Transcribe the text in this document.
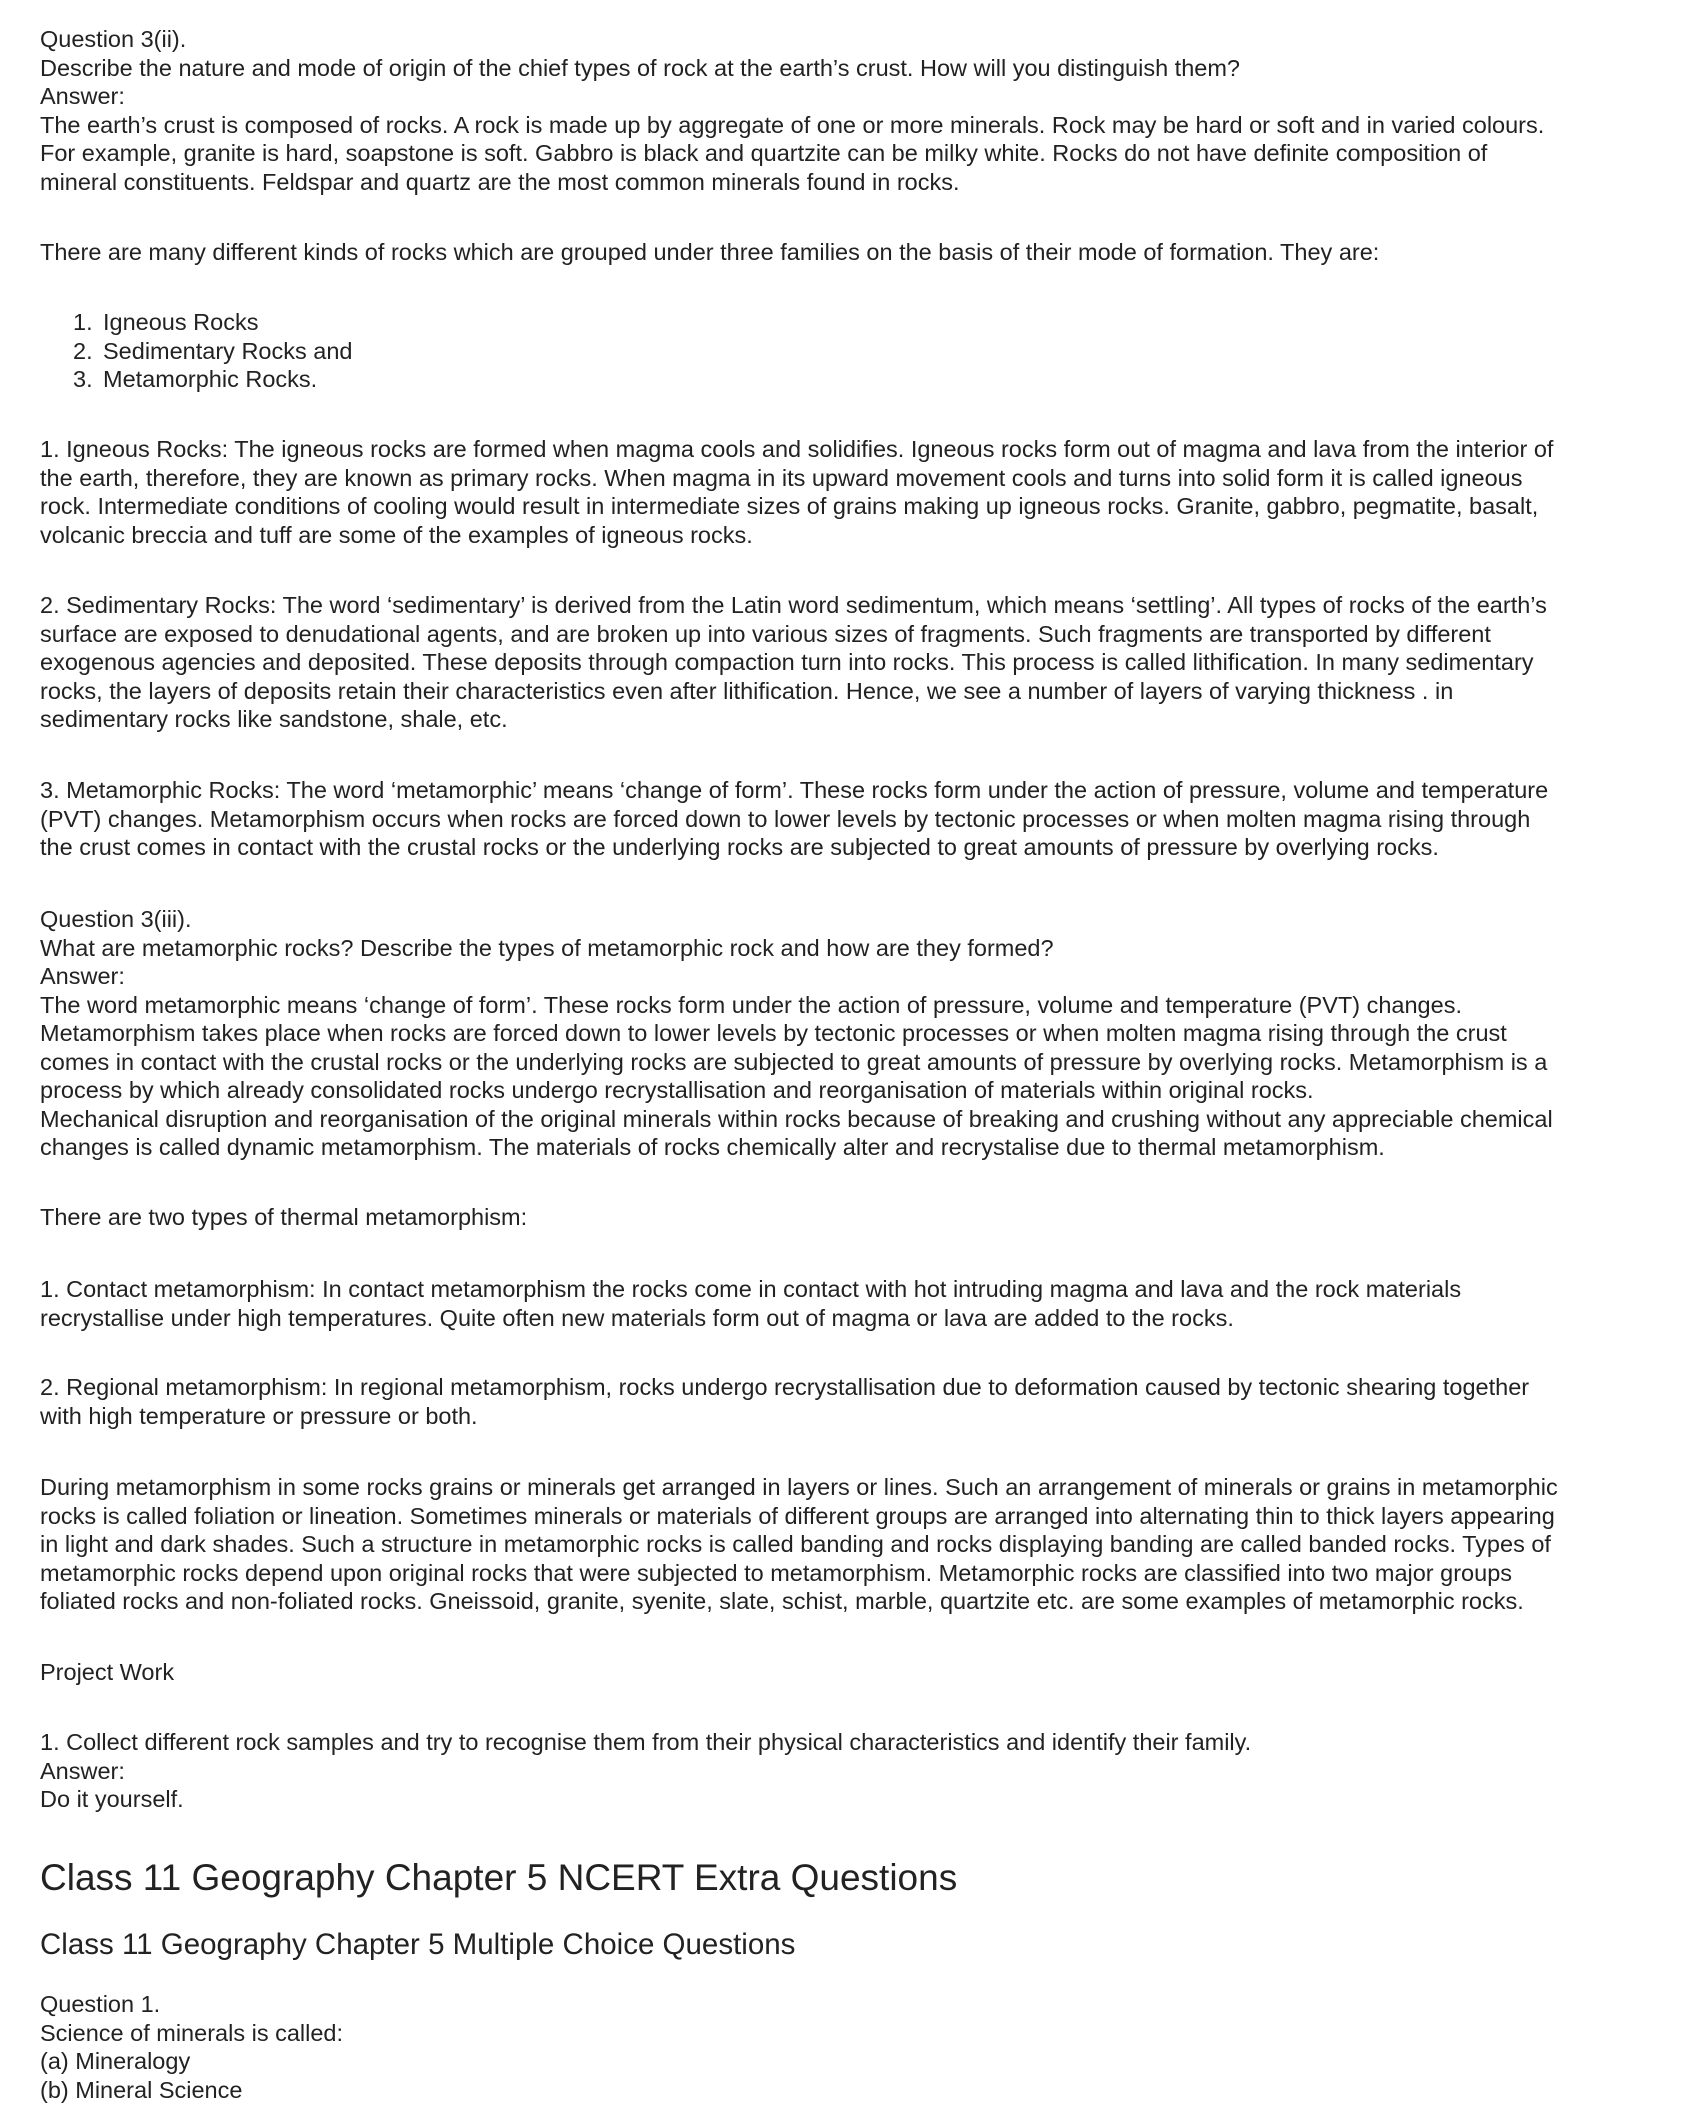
Question 3(ii).
Describe the nature and mode of origin of the chief types of rock at the earth’s crust. How will you distinguish them?
Answer:
The earth’s crust is composed of rocks. A rock is made up by aggregate of one or more minerals. Rock may be hard or soft and in varied colours.
For example, granite is hard, soapstone is soft. Gabbro is black and quartzite can be milky white. Rocks do not have definite composition of
mineral constituents. Feldspar and quartz are the most common minerals found in rocks.
There are many different kinds of rocks which are grouped under three families on the basis of their mode of formation. They are:
1. Igneous Rocks
2. Sedimentary Rocks and
3. Metamorphic Rocks.
1. Igneous Rocks: The igneous rocks are formed when magma cools and solidifies. Igneous rocks form out of magma and lava from the interior of
the earth, therefore, they are known as primary rocks. When magma in its upward movement cools and turns into solid form it is called igneous
rock. Intermediate conditions of cooling would result in intermediate sizes of grains making up igneous rocks. Granite, gabbro, pegmatite, basalt,
volcanic breccia and tuff are some of the examples of igneous rocks.
2. Sedimentary Rocks: The word ‘sedimentary’ is derived from the Latin word sedimentum, which means ‘settling’. All types of rocks of the earth’s
surface are exposed to denudational agents, and are broken up into various sizes of fragments. Such fragments are transported by different
exogenous agencies and deposited. These deposits through compaction turn into rocks. This process is called lithification. In many sedimentary
rocks, the layers of deposits retain their characteristics even after lithification. Hence, we see a number of layers of varying thickness . in
sedimentary rocks like sandstone, shale, etc.
3. Metamorphic Rocks: The word ‘metamorphic’ means ‘change of form’. These rocks form under the action of pressure, volume and temperature
(PVT) changes. Metamorphism occurs when rocks are forced down to lower levels by tectonic processes or when molten magma rising through
the crust comes in contact with the crustal rocks or the underlying rocks are subjected to great amounts of pressure by overlying rocks.
Question 3(iii).
What are metamorphic rocks? Describe the types of metamorphic rock and how are they formed?
Answer:
The word metamorphic means ‘change of form’. These rocks form under the action of pressure, volume and temperature (PVT) changes.
Metamorphism takes place when rocks are forced down to lower levels by tectonic processes or when molten magma rising through the crust
comes in contact with the crustal rocks or the underlying rocks are subjected to great amounts of pressure by overlying rocks. Metamorphism is a
process by which already consolidated rocks undergo recrystallisation and reorganisation of materials within original rocks.
Mechanical disruption and reorganisation of the original minerals within rocks because of breaking and crushing without any appreciable chemical
changes is called dynamic metamorphism. The materials of rocks chemically alter and recrystalise due to thermal metamorphism.
There are two types of thermal metamorphism:
1. Contact metamorphism: In contact metamorphism the rocks come in contact with hot intruding magma and lava and the rock materials
recrystallise under high temperatures. Quite often new materials form out of magma or lava are added to the rocks.
2. Regional metamorphism: In regional metamorphism, rocks undergo recrystallisation due to deformation caused by tectonic shearing together
with high temperature or pressure or both.
During metamorphism in some rocks grains or minerals get arranged in layers or lines. Such an arrangement of minerals or grains in metamorphic
rocks is called foliation or lineation. Sometimes minerals or materials of different groups are arranged into alternating thin to thick layers appearing
in light and dark shades. Such a structure in metamorphic rocks is called banding and rocks displaying banding are called banded rocks. Types of
metamorphic rocks depend upon original rocks that were subjected to metamorphism. Metamorphic rocks are classified into two major groups
foliated rocks and non-foliated rocks. Gneissoid, granite, syenite, slate, schist, marble, quartzite etc. are some examples of metamorphic rocks.
Project Work
1. Collect different rock samples and try to recognise them from their physical characteristics and identify their family.
Answer:
Do it yourself.
Class 11 Geography Chapter 5 NCERT Extra Questions
Class 11 Geography Chapter 5 Multiple Choice Questions
Question 1.
Science of minerals is called:
(a) Mineralogy
(b) Mineral Science
